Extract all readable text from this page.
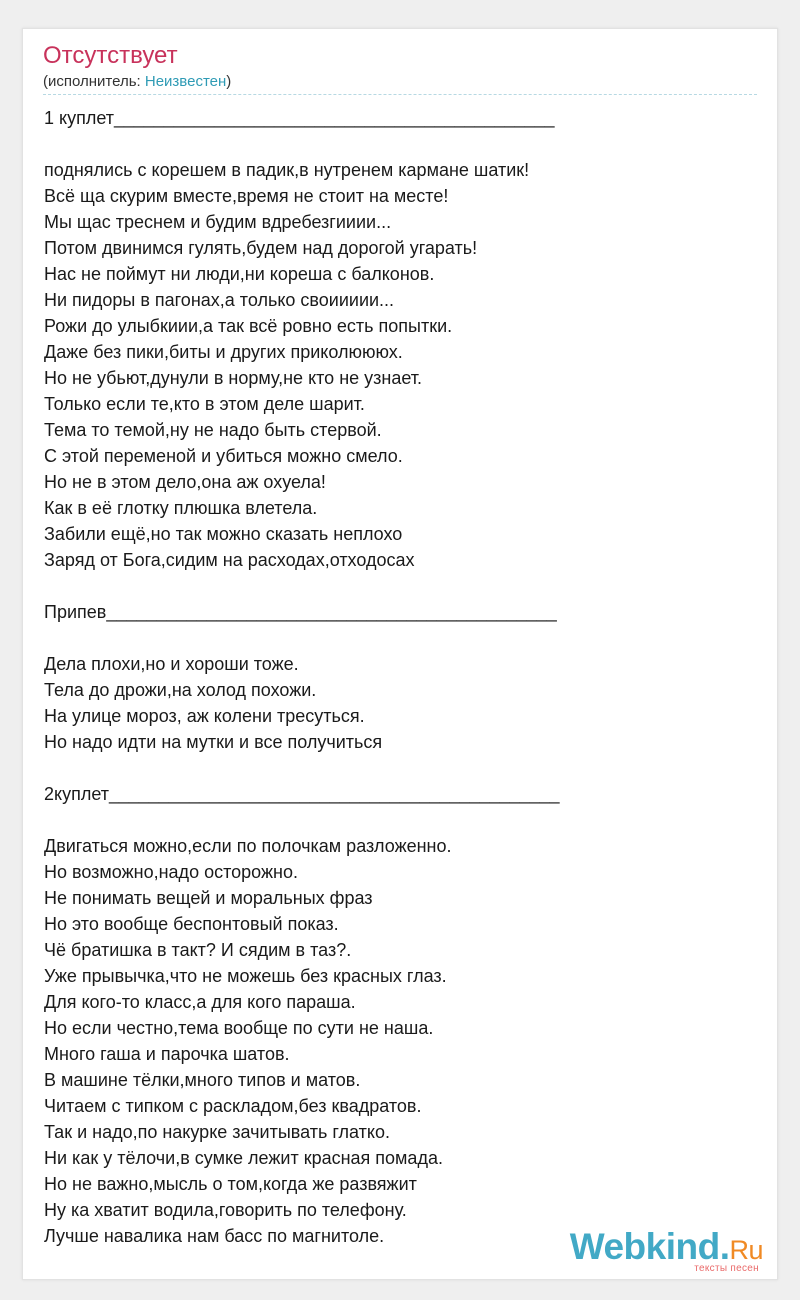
Отсутствует
(исполнитель: Неизвестен)
1 куплет____________________________________________
поднялись с корешем в падик,в нутренем кармане шатик!
Всё ща скурим вместе,время не стоит на месте!
Мы щас треснем и будим вдребезгииии...
Потом двинимся гулять,будем над дорогой угарать!
Нас не поймут ни люди,ни кореша с балконов.
Ни пидоры в пагонах,а только своиииии...
Рожи до улыбкиии,а так всё ровно есть попытки.
Даже без пики,биты и других приколюююх.
Но не убьют,дунули в норму,не кто не узнает.
Только если те,кто в этом деле шарит.
Тема то темой,ну не надо быть стервой.
С этой переменой и убиться можно смело.
Но не в этом дело,она аж охуела!
Как в её глотку плюшка влетела.
Забили ещё,но так можно сказать неплохо
Заряд от Бога,сидим на расходах,отходосах
Припев_____________________________________________
Дела плохи,но и хороши тоже.
Тела до дрожи,на холод похожи.
На улице мороз, аж колени тресуться.
Но надо идти на мутки и все получиться
2куплет_____________________________________________
Двигаться можно,если по полочкам разложенно.
Но возможно,надо осторожно.
Не понимать вещей и моральных фраз
Но это вообще беспонтовый показ.
Чё братишка в такт? И сядим в таз?.
Уже прывычка,что не можешь без красных глаз.
Для кого-то класс,а для кого параша.
Но если честно,тема вообще по сути не наша.
Много гаша и парочка шатов.
В машине тёлки,много типов и матов.
Читаем с типком с раскладом,без квадратов.
Так и надо,по накурке зачитывать глатко.
Ни как у тёлочи,в сумке лежит красная помада.
Но не важно,мысль о том,когда же развяжит
Ну ка хватит водила,говорить по телефону.
Лучше навалика нам басс по магнитоле.	Webkind.Ru
тексты песен
